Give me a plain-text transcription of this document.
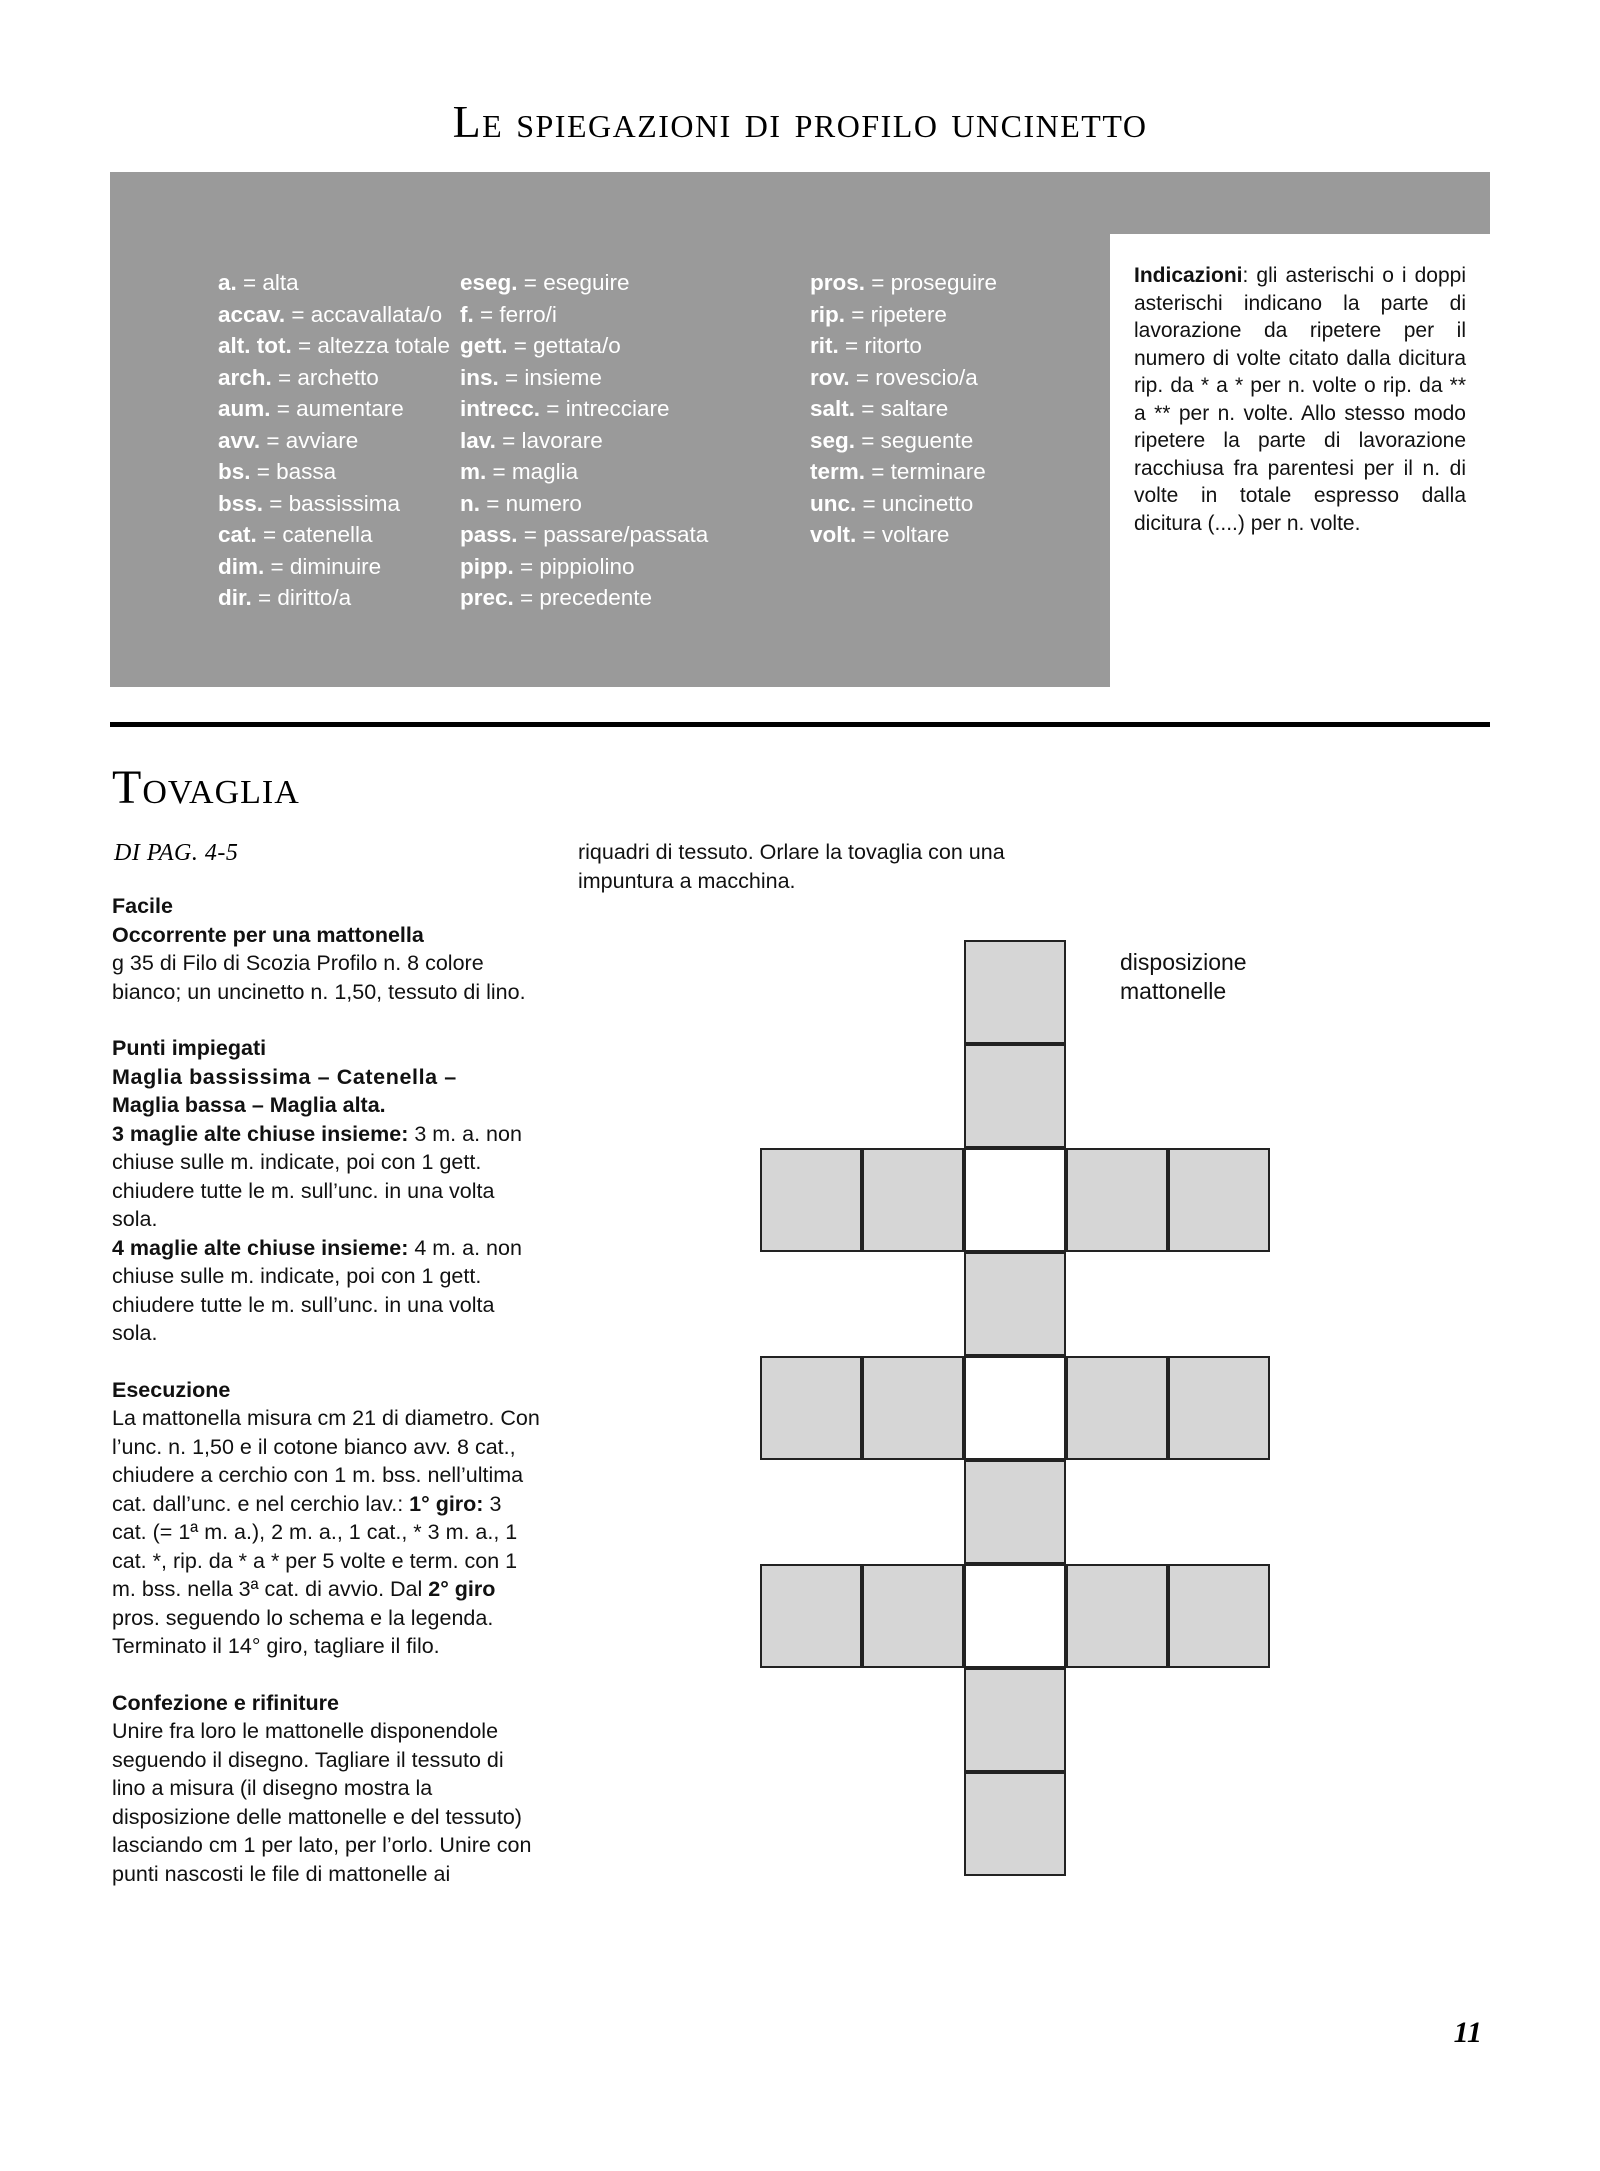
Le spiegazioni di profilo uncinetto
a. = alta
accav. = accavallata/o
alt. tot. = altezza totale
arch. = archetto
aum. = aumentare
avv. = avviare
bs. = bassa
bss. = bassissima
cat. = catenella
dim. = diminuire
dir. = diritto/a
eseg. = eseguire
f. = ferro/i
gett. = gettata/o
ins. = insieme
intrecc. = intrecciare
lav. = lavorare
m. = maglia
n. = numero
pass. = passare/passata
pipp. = pippiolino
prec. = precedente
pros. = proseguire
rip. = ripetere
rit. = ritorto
rov. = rovescio/a
salt. = saltare
seg. = seguente
term. = terminare
unc. = uncinetto
volt. = voltare

Indicazioni: gli asterischi o i doppi asterischi indicano la parte di lavorazione da ripetere per il numero di volte citato dalla dicitura rip. da * a * per n. volte o rip. da ** a ** per n. volte. Allo stesso modo ripetere la parte di lavorazione racchiusa fra parentesi per il n. di volte in totale espresso dalla dicitura (....) per n. volte.

Tovaglia
DI PAG. 4-5

Facile

Occorrente per una mattonella

g 35 di Filo di Scozia Profilo n. 8 colore bianco; un uncinetto n. 1,50, tessuto di lino.

Punti impiegati

Maglia bassissima – Catenella –

Maglia bassa – Maglia alta.

3 maglie alte chiuse insieme: 3 m. a. non chiuse sulle m. indicate, poi con 1 gett. chiudere tutte le m. sull’unc. in una volta sola.

4 maglie alte chiuse insieme: 4 m. a. non chiuse sulle m. indicate, poi con 1 gett. chiudere tutte le m. sull’unc. in una volta sola.

Esecuzione

La mattonella misura cm 21 di diametro. Con l’unc. n. 1,50 e il cotone bianco avv. 8 cat., chiudere a cerchio con 1 m. bss. nell’ultima cat. dall’unc. e nel cerchio lav.: 1° giro: 3 cat. (= 1ª m. a.), 2 m. a., 1 cat., * 3 m. a., 1 cat. *, rip. da * a * per 5 volte e term. con 1 m. bss. nella 3ª cat. di avvio. Dal 2° giro pros. seguendo lo schema e la legenda. Terminato il 14° giro, tagliare il filo.

Confezione e rifiniture

Unire fra loro le mattonelle disponendole seguendo il disegno. Tagliare il tessuto di lino a misura (il disegno mostra la disposizione delle mattonelle e del tessuto) lasciando cm 1 per lato, per l’orlo. Unire con punti nascosti le file di mattonelle ai

riquadri di tessuto. Orlare la tovaglia con una impuntura a macchina.

disposizione
mattonelle
11
